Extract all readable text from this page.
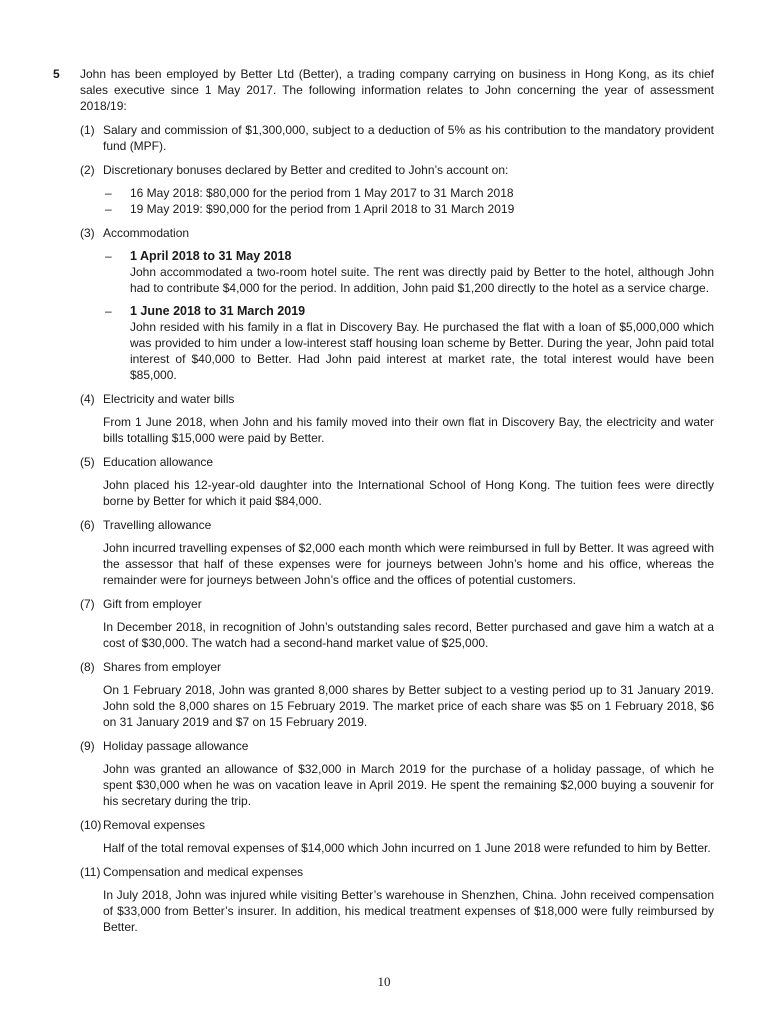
5	John has been employed by Better Ltd (Better), a trading company carrying on business in Hong Kong, as its chief sales executive since 1 May 2017. The following information relates to John concerning the year of assessment 2018/19:
(1) Salary and commission of $1,300,000, subject to a deduction of 5% as his contribution to the mandatory provident fund (MPF).
(2) Discretionary bonuses declared by Better and credited to John’s account on:
–	16 May 2018: $80,000 for the period from 1 May 2017 to 31 March 2018
–	19 May 2019: $90,000 for the period from 1 April 2018 to 31 March 2019
(3) Accommodation
–	1 April 2018 to 31 May 2018
John accommodated a two-room hotel suite. The rent was directly paid by Better to the hotel, although John had to contribute $4,000 for the period. In addition, John paid $1,200 directly to the hotel as a service charge.
–	1 June 2018 to 31 March 2019
John resided with his family in a flat in Discovery Bay. He purchased the flat with a loan of $5,000,000 which was provided to him under a low-interest staff housing loan scheme by Better. During the year, John paid total interest of $40,000 to Better. Had John paid interest at market rate, the total interest would have been $85,000.
(4) Electricity and water bills
From 1 June 2018, when John and his family moved into their own flat in Discovery Bay, the electricity and water bills totalling $15,000 were paid by Better.
(5) Education allowance
John placed his 12-year-old daughter into the International School of Hong Kong. The tuition fees were directly borne by Better for which it paid $84,000.
(6) Travelling allowance
John incurred travelling expenses of $2,000 each month which were reimbursed in full by Better. It was agreed with the assessor that half of these expenses were for journeys between John’s home and his office, whereas the remainder were for journeys between John’s office and the offices of potential customers.
(7) Gift from employer
In December 2018, in recognition of John’s outstanding sales record, Better purchased and gave him a watch at a cost of $30,000. The watch had a second-hand market value of $25,000.
(8) Shares from employer
On 1 February 2018, John was granted 8,000 shares by Better subject to a vesting period up to 31 January 2019. John sold the 8,000 shares on 15 February 2019. The market price of each share was $5 on 1 February 2018, $6 on 31 January 2019 and $7 on 15 February 2019.
(9) Holiday passage allowance
John was granted an allowance of $32,000 in March 2019 for the purchase of a holiday passage, of which he spent $30,000 when he was on vacation leave in April 2019. He spent the remaining $2,000 buying a souvenir for his secretary during the trip.
(10) Removal expenses
Half of the total removal expenses of $14,000 which John incurred on 1 June 2018 were refunded to him by Better.
(11) Compensation and medical expenses
In July 2018, John was injured while visiting Better’s warehouse in Shenzhen, China. John received compensation of $33,000 from Better’s insurer. In addition, his medical treatment expenses of $18,000 were fully reimbursed by Better.
10
